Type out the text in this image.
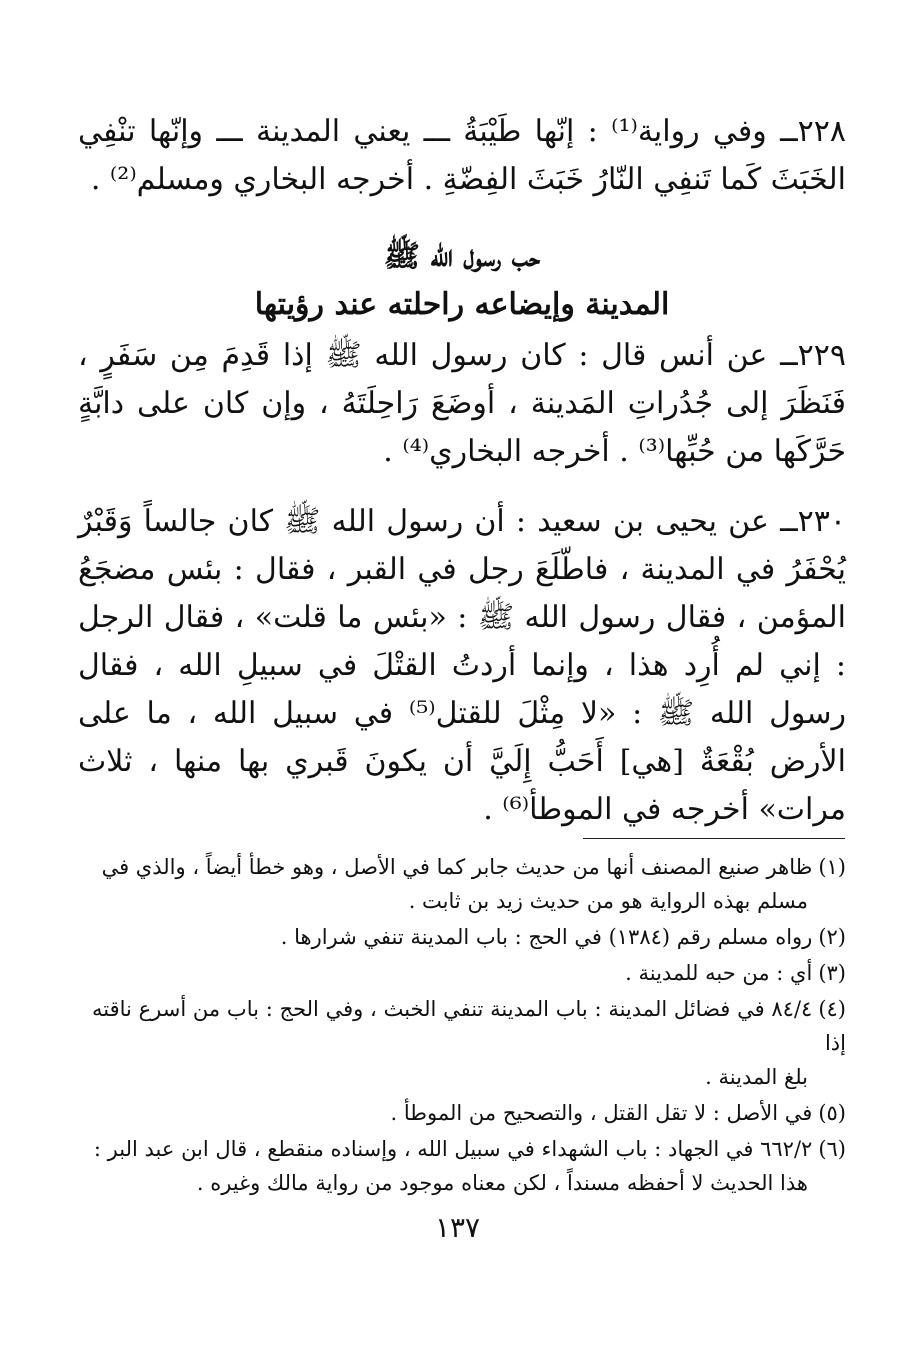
٢٢٨ــ وفي رواية⁽¹⁾ : إنّها طَيْبَةُ ـــ يعني المدينة ـــ وإنّها تنْفِي الخَبَثَ كَما تَنفِي النّارُ خَبَثَ الفِضّةِ . أخرجه البخاري ومسلم⁽²⁾ .

حب رسول الله ﷺ

المدينة وإيضاعه راحلته عند رؤيتها

٢٢٩ــ عن أنس قال : كان رسول الله ﷺ إذا قَدِمَ مِن سَفَرٍ ، فَنَظَرَ إلى جُدُراتِ المَدينة ، أوضَعَ رَاحِلَتَهُ ، وإن كان على دابَّةٍ حَرَّكَها من حُبِّها⁽³⁾ . أخرجه البخاري⁽⁴⁾ .

٢٣٠ــ عن يحيى بن سعيد : أن رسول الله ﷺ كان جالساً وَقَبْرٌ يُحْفَرُ في المدينة ، فاطّلَعَ رجل في القبر ، فقال : بئس مضجَعُ المؤمن ، فقال رسول الله ﷺ : «بئس ما قلت» ، فقال الرجل : إني لم أُرِد هذا ، وإنما أردتُ القتْلَ في سبيلِ الله ، فقال رسول الله ﷺ : «لا مِثْلَ للقتل⁽⁵⁾ في سبيل الله ، ما على الأرض بُقْعَةٌ [هي] أَحَبُّ إِلَيَّ أن يكونَ قَبري بها منها ، ثلاث مرات» أخرجه في الموطأ⁽⁶⁾ .

(١)ظاهر صنيع المصنف أنها من حديث جابر كما في الأصل ، وهو خطأ أيضاً ، والذي في
مسلم بهذه الرواية هو من حديث زيد بن ثابت .

(٢)رواه مسلم رقم (١٣٨٤) في الحج : باب المدينة تنفي شرارها .

(٣)أي : من حبه للمدينة .

(٤)٨٤/٤ في فضائل المدينة : باب المدينة تنفي الخبث ، وفي الحج : باب من أسرع ناقته إذا
بلغ المدينة .

(٥)في الأصل : لا تقل القتل ، والتصحيح من الموطأ .

(٦)٦٦٢/٢ في الجهاد : باب الشهداء في سبيل الله ، وإسناده منقطع ، قال ابن عبد البر :
هذا الحديث لا أحفظه مسنداً ، لكن معناه موجود من رواية مالك وغيره .

١٣٧
